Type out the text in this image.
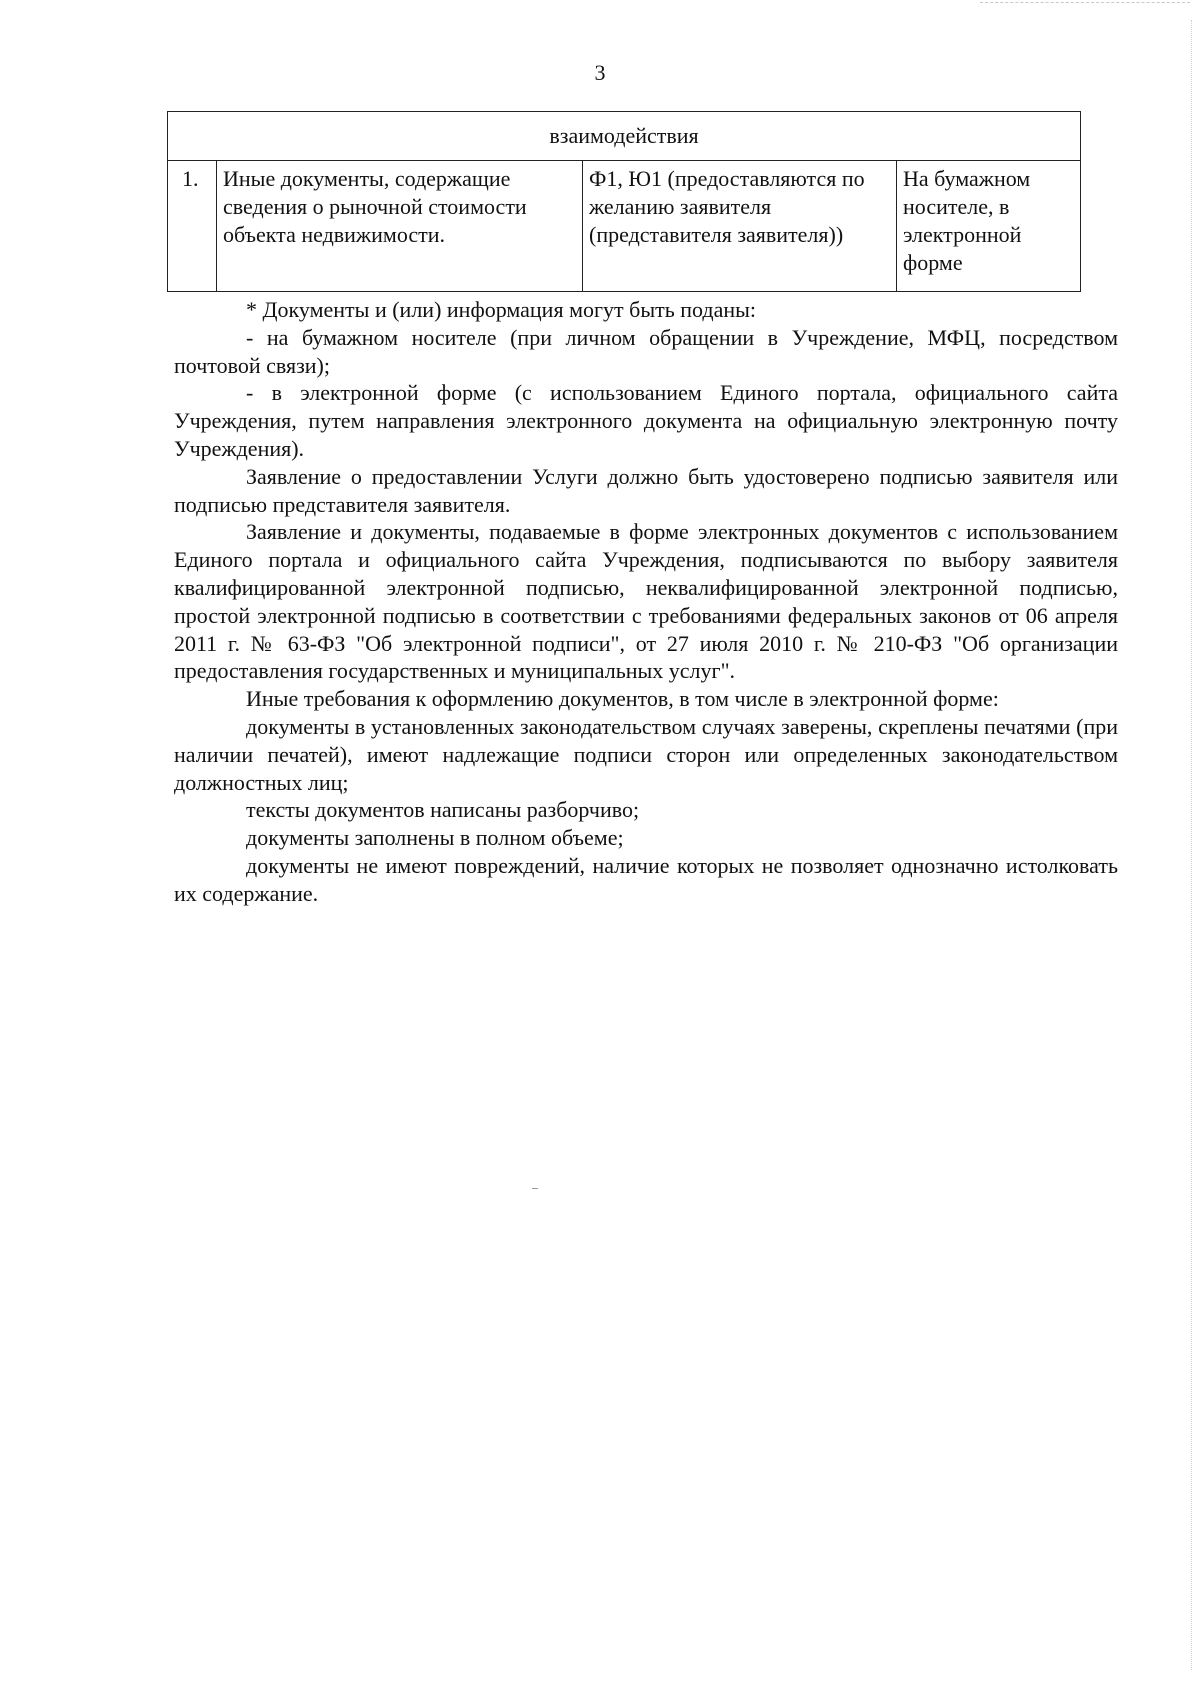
3
взаимодействия
1.	Иные документы, содержащие сведения о рыночной стоимости объекта недвижимости.	Ф1, Ю1 (предоставляются по желанию заявителя (представителя заявителя))	На бумажном носителе, в электронной форме

* Документы и (или) информация могут быть поданы:

- на бумажном носителе (при личном обращении в Учреждение, МФЦ, посредством почтовой связи);

- в электронной форме (с использованием Единого портала, официального сайта Учреждения, путем направления электронного документа на официальную электронную почту Учреждения).

Заявление о предоставлении Услуги должно быть удостоверено подписью заявителя или подписью представителя заявителя.

Заявление и документы, подаваемые в форме электронных документов с использованием Единого портала и официального сайта Учреждения, подписываются по выбору заявителя квалифицированной электронной подписью, неквалифицированной электронной подписью, простой электронной подписью в соответствии с требованиями федеральных законов от 06 апреля 2011 г. № 63-ФЗ "Об электронной подписи", от 27 июля 2010 г. № 210-ФЗ "Об организации предоставления государственных и муниципальных услуг".

Иные требования к оформлению документов, в том числе в электронной форме:

документы в установленных законодательством случаях заверены, скреплены печатями (при наличии печатей), имеют надлежащие подписи сторон или определенных законодательством должностных лиц;

тексты документов написаны разборчиво;

документы заполнены в полном объеме;

документы не имеют повреждений, наличие которых не позволяет однозначно истолковать их содержание.
